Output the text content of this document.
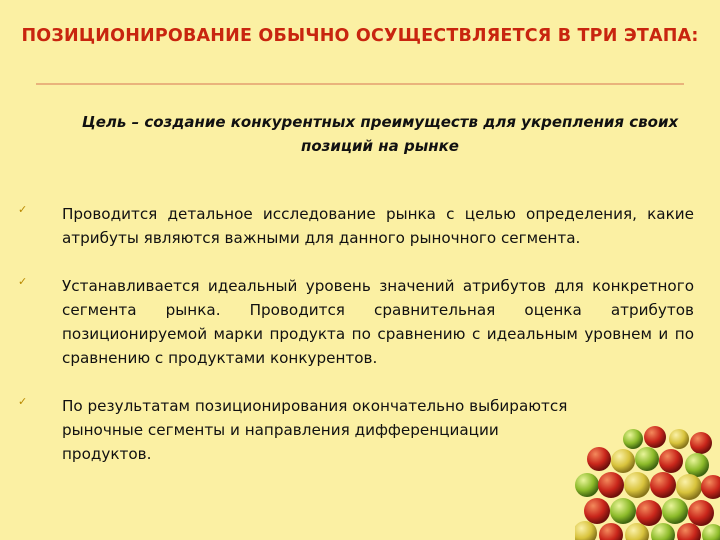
ПОЗИЦИОНИРОВАНИЕ ОБЫЧНО ОСУЩЕСТВЛЯЕТСЯ В ТРИ ЭТАПА:
Цель – создание конкурентных преимуществ для укрепления своих позиций на рынке
✓ Проводится детальное исследование рынка с целью определения, какие атрибуты являются важными для данного рыночного сегмента.
✓ Устанавливается идеальный уровень значений атрибутов для конкретного сегмента рынка. Проводится сравнительная оценка атрибутов позиционируемой марки продукта по сравнению с идеальным уровнем и по сравнению с продуктами конкурентов.
✓ По результатам позиционирования окончательно выбираются рыночные сегменты и направления дифференциации продуктов.
